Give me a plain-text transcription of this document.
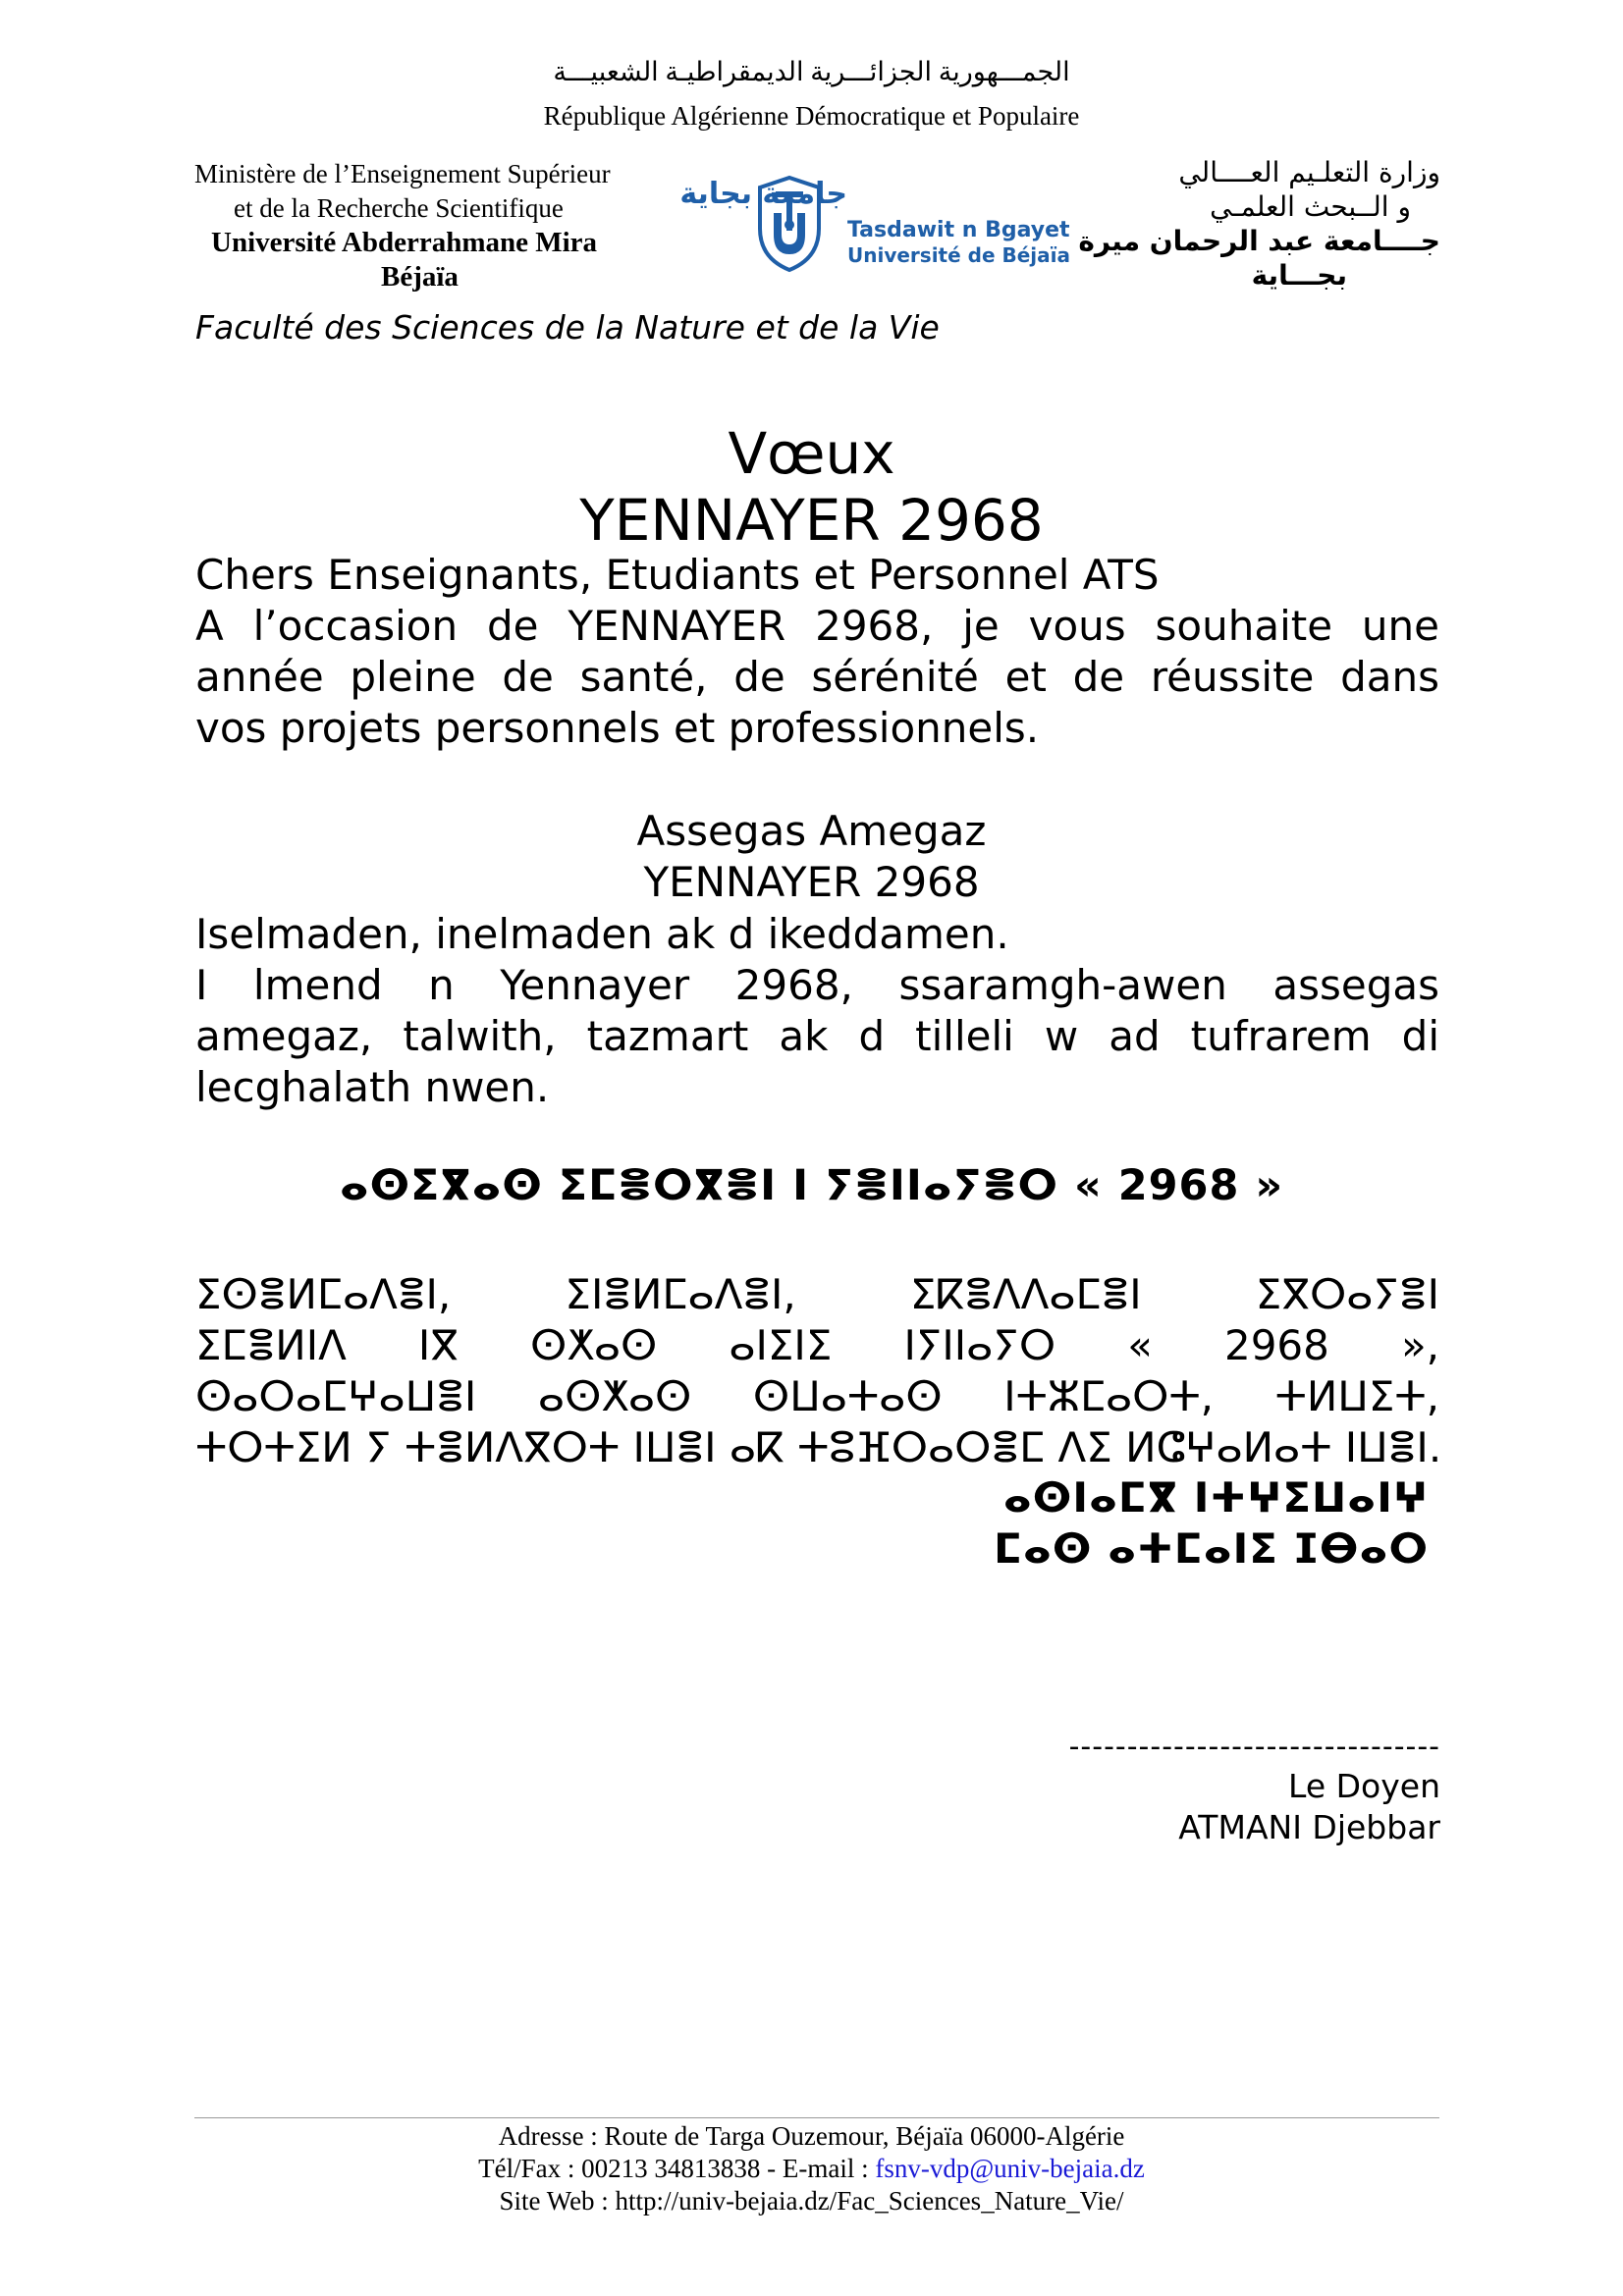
الجمـــهورية الجزائـــرية الديمقراطيـة الشعبيـــة
République Algérienne Démocratique et Populaire
Ministère de l’Enseignement Supérieur
et de la Recherche Scientifique
Université Abderrahmane Mira
Béjaïa
جامعة بجاية
Tasdawit n Bgayet
Université de Béjaïa
وزارة التعلـيم العــــالي
و الــبحث العلمـي
جــــامعة عبد الرحمان ميرة
بجـــاية
Faculté des Sciences de la Nature et de la Vie
Vœux
YENNAYER 2968
Chers Enseignants, Etudiants et Personnel ATS
A l’occasion de YENNAYER 2968, je vous souhaite une
année pleine de santé, de sérénité et de réussite dans
vos projets personnels et professionnels.
Assegas Amegaz
YENNAYER 2968
Iselmaden, inelmaden ak d ikeddamen.
I lmend n Yennayer 2968, ssaramgh-awen assegas
amegaz, talwith, tazmart ak d tilleli w ad tufrarem di
lecghalath nwen.
ⴰⵙⵉⴳⴰⵙ ⵉⵎⴻⵔⴳⴻⵏ ⵏ ⵢⴻⵏⵏⴰⵢⴻⵔ « 2968 »
ⵉⵙⴻⵍⵎⴰⴷⴻⵏ, ⵉⵏⴻⵍⵎⴰⴷⴻⵏ, ⵉⴽⴻⴷⴷⴰⵎⴻⵏ ⵉⴳⵔⴰⵢⴻⵏ
ⵉⵎⴻⵍⵏⴷ ⵏⴳ ⵙⵅⴰⵙ ⴰⵏⵉⵏⵉ ⵏⵢⵏⵏⴰⵢⵔ « 2968 »,
ⵙⴰⵔⴰⵎⵖⴰⵡⴻⵏ ⴰⵙⵅⴰⵙ ⵙⵡⴰⵜⴰⵙ ⵏⵜⵣⵎⴰⵔⵜ, ⵜⵍⵡⵉⵜ,
ⵜⵔⵜⵉⵍ ⵢ ⵜⴻⵍⴷⴳⵔⵜ ⵏⵡⴻⵏ ⴰⴽ ⵜⵓⴼⵔⴰⵔⴻⵎ ⴷⵉ ⵍⵛⵖⴰⵍⴰⵜ ⵏⵡⴻⵏ.
ⴰⵙⵏⴰⵎⴳ ⵏⵜⵖⵉⵡⴰⵏⵖ
ⵎⴰⵙ ⴰⵜⵎⴰⵏⵉ ⵊⴱⴰⵔ
--------------------------------
Le Doyen
ATMANI Djebbar
Adresse : Route de Targa Ouzemour, Béjaïa 06000-Algérie
Tél/Fax : 00213 34813838 - E-mail : fsnv-vdp@univ-bejaia.dz
Site Web : http://univ-bejaia.dz/Fac_Sciences_Nature_Vie/
